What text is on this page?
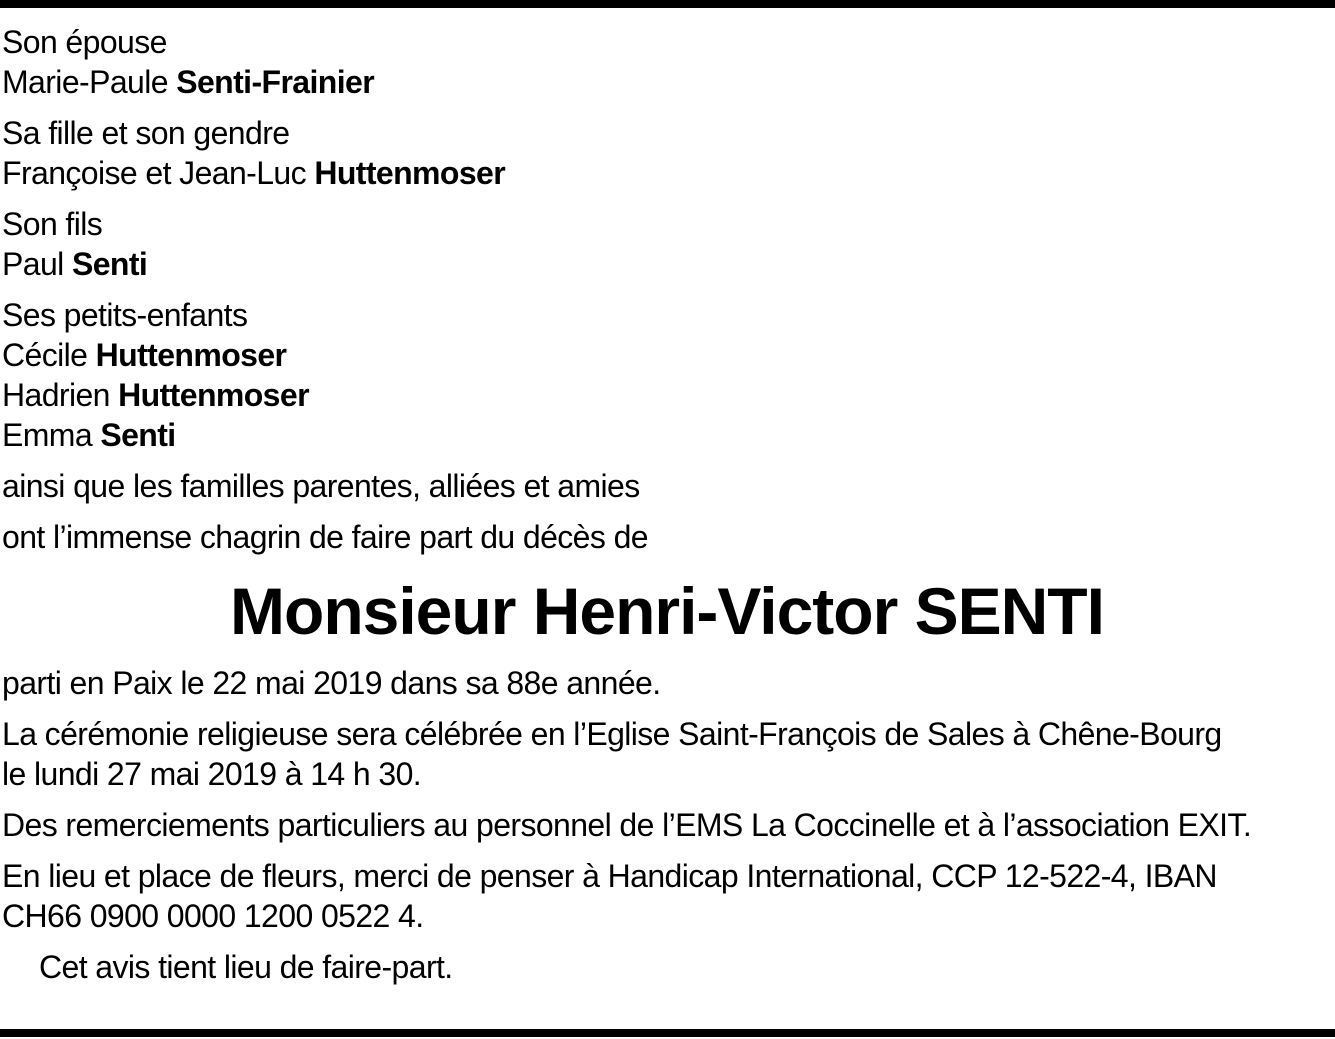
Son épouse
Marie-Paule Senti-Frainier
Sa fille et son gendre
Françoise et Jean-Luc Huttenmoser
Son fils
Paul Senti
Ses petits-enfants
Cécile Huttenmoser
Hadrien Huttenmoser
Emma Senti
ainsi que les familles parentes, alliées et amies
ont l’immense chagrin de faire part du décès de
Monsieur Henri-Victor SENTI
parti en Paix le 22 mai 2019 dans sa 88e année.
La cérémonie religieuse sera célébrée en l’Eglise Saint-François de Sales à Chêne-Bourg
le lundi 27 mai 2019 à 14 h 30.
Des remerciements particuliers au personnel de l’EMS La Coccinelle et à l’association EXIT.
En lieu et place de fleurs, merci de penser à Handicap International, CCP 12-522-4, IBAN
CH66 0900 0000 1200 0522 4.
Cet avis tient lieu de faire-part.
